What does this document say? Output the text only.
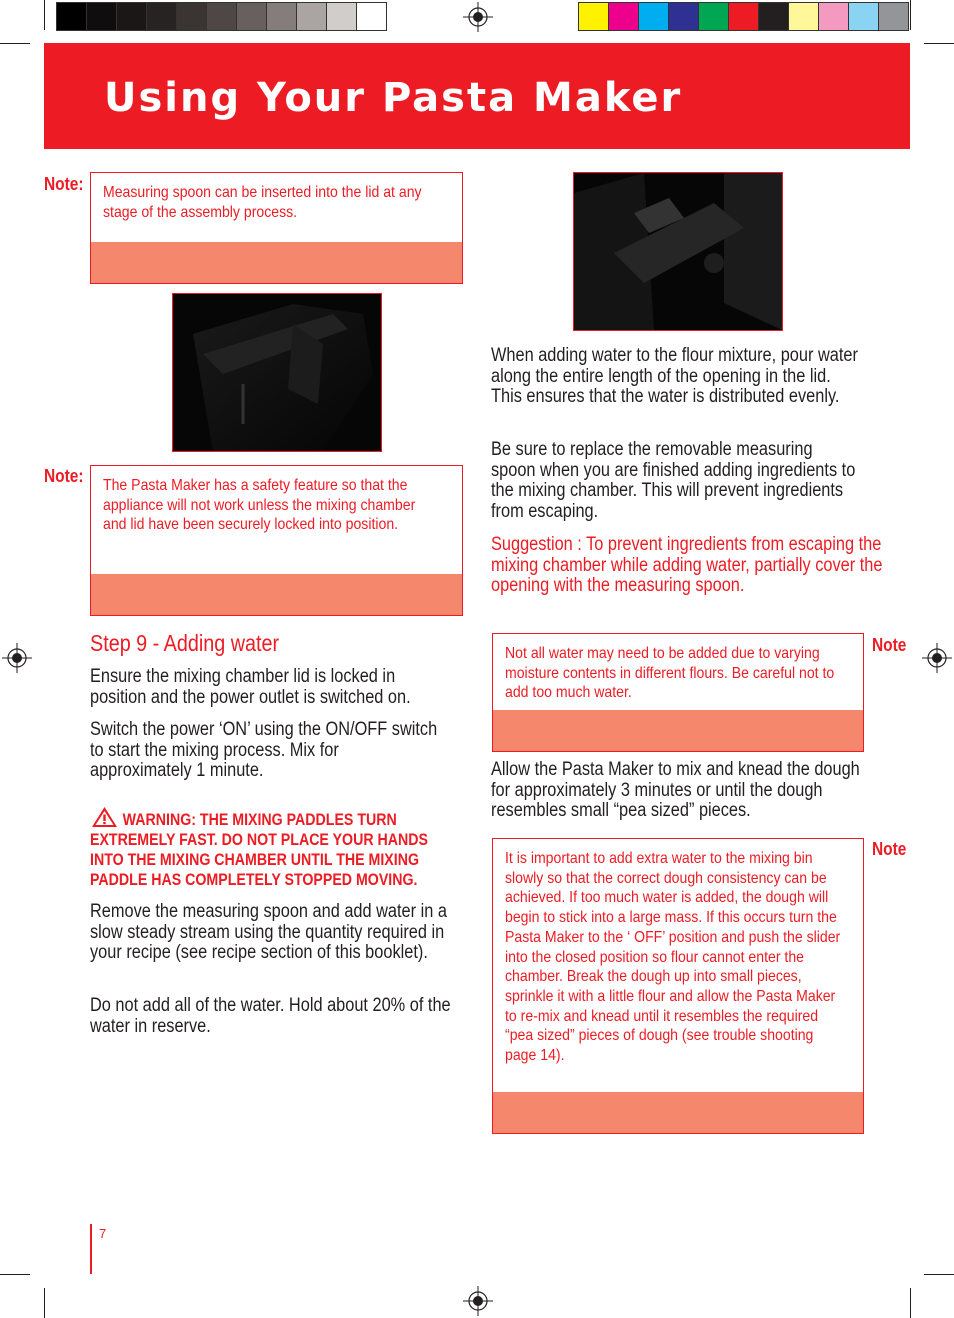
Using Your Pasta Maker
Note: Measuring spoon can be inserted into the lid at any stage of the assembly process.
Note: The Pasta Maker has a safety feature so that the appliance will not work unless the mixing chamber and lid have been securely locked into position.
Step 9 - Adding water
Ensure the mixing chamber lid is locked in position and the power outlet is switched on.
Switch the power ‘ON’ using the ON/OFF switch to start the mixing process. Mix for approximately 1 minute.
WARNING: THE MIXING PADDLES TURN EXTREMELY FAST. DO NOT PLACE YOUR HANDS INTO THE MIXING CHAMBER UNTIL THE MIXING PADDLE HAS COMPLETELY STOPPED MOVING.
Remove the measuring spoon and add water in a slow steady stream using the quantity required in your recipe (see recipe section of this booklet).
Do not add all of the water. Hold about 20% of the water in reserve.
When adding water to the flour mixture, pour water along the entire length of the opening in the lid. This ensures that the water is distributed evenly.
Be sure to replace the removable measuring spoon when you are finished adding ingredients to the mixing chamber. This will prevent ingredients from escaping.
Suggestion : To prevent ingredients from escaping the mixing chamber while adding water, partially cover the opening with the measuring spoon.
Not all water may need to be added due to varying moisture contents in different flours. Be careful not to add too much water.
Note
Allow the Pasta Maker to mix and knead the dough for approximately 3 minutes or until the dough resembles small “pea sized” pieces.
It is important to add extra water to the mixing bin slowly so that the correct dough consistency can be achieved. If too much water is added, the dough will begin to stick into a large mass. If this occurs turn the Pasta Maker to the ‘ OFF’ position and push the slider into the closed position so flour cannot enter the chamber. Break the dough up into small pieces, sprinkle it with a little flour and allow the Pasta Maker to re-mix and knead until it resembles the required “pea sized” pieces of dough (see trouble shooting page 14).
Note
7
